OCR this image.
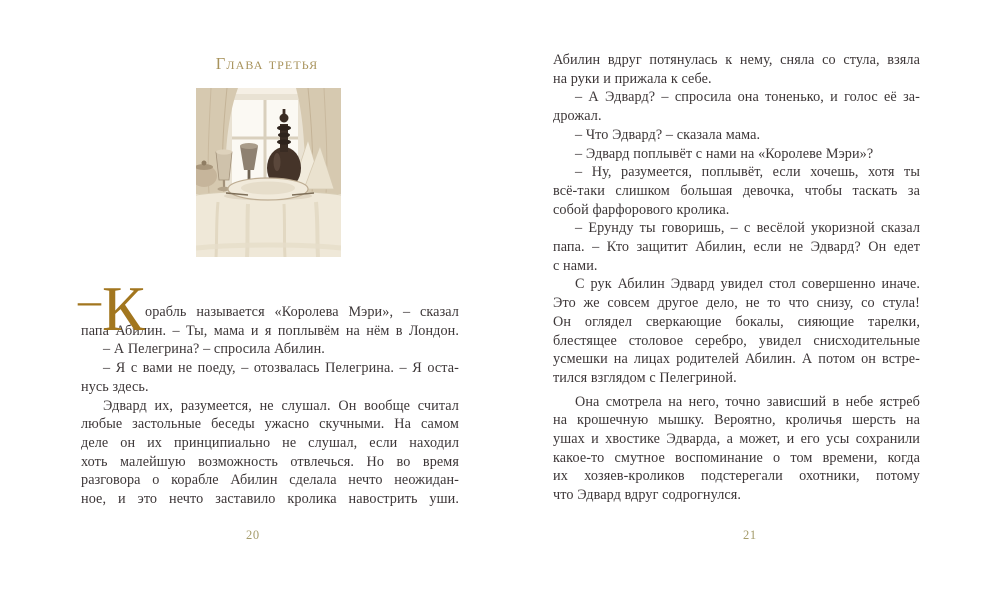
Глава третья
– К орабль называется «Королева Мэри», – сказал
папа Абилин. – Ты, мама и я поплывём на нём в Лондон.
– А Пелегрина? – спросила Абилин.
– Я с вами не поеду, – отозвалась Пелегрина. – Я оста-
нусь здесь.
Эдвард их, разумеется, не слушал. Он вообще считал
любые застольные беседы ужасно скучными. На самом
деле он их принципиально не слушал, если находил
хоть малейшую возможность отвлечься. Но во время
разговора о корабле Абилин сделала нечто неожидан-
ное, и это нечто заставило кролика навострить уши.
Абилин вдруг потянулась к нему, сняла со стула, взяла
на руки и прижала к себе.
– А Эдвард? – спросила она тоненько, и голос её за-
дрожал.
– Что Эдвард? – сказала мама.
– Эдвард поплывёт с нами на «Королеве Мэри»?
– Ну, разумеется, поплывёт, если хочешь, хотя ты
всё-таки слишком большая девочка, чтобы таскать за
собой фарфорового кролика.
– Ерунду ты говоришь, – с весёлой укоризной сказал
папа. – Кто защитит Абилин, если не Эдвард? Он едет
с нами.
С рук Абилин Эдвард увидел стол совершенно иначе.
Это же совсем другое дело, не то что снизу, со стула!
Он оглядел сверкающие бокалы, сияющие тарелки,
блестящее столовое серебро, увидел снисходительные
усмешки на лицах родителей Абилин. А потом он встре-
тился взглядом с Пелегриной.
Она смотрела на него, точно зависший в небе ястреб
на крошечную мышку. Вероятно, кроличья шерсть на
ушах и хвостике Эдварда, а может, и его усы сохранили
какое-то смутное воспоминание о том времени, когда
их хозяев-кроликов подстерегали охотники, потому
что Эдвард вдруг содрогнулся.
20	21
